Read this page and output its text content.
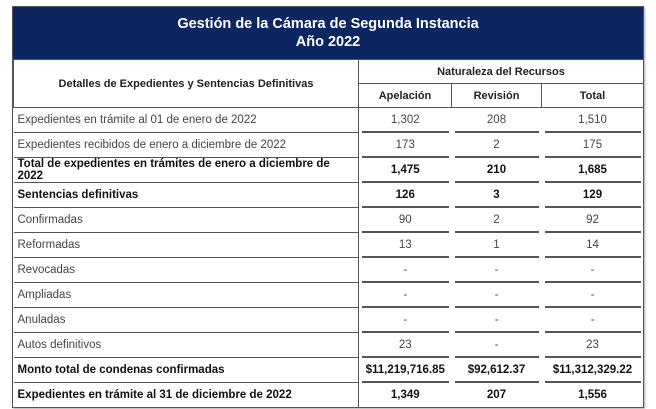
Gestión de la Cámara de Segunda Instancia
Año 2022
Detalles de Expedientes y Sentencias Definitivas	Naturaleza del Recursos		
	Apelación	Revisión	Total
Expedientes en trámite al 01 de enero de 2022	1,302	208	1,510

Expedientes recibidos de enero a diciembre de 2022	173	2	175

Total de expedientes en trámites de enero a diciembre de 2022	1,475	210	1,685

Sentencias definitivas	126	3	129

Confirmadas	90	2	92

Reformadas	13	1	14

Revocadas	-	-	-

Ampliadas	-	-	-

Anuladas	-	-	-

Autos definitivos	23	-	23

Monto total de condenas confirmadas	$11,219,716.85	$92,612.37	$11,312,329.22

Expedientes en trámite al 31 de diciembre de 2022	1,349	207	1,556
